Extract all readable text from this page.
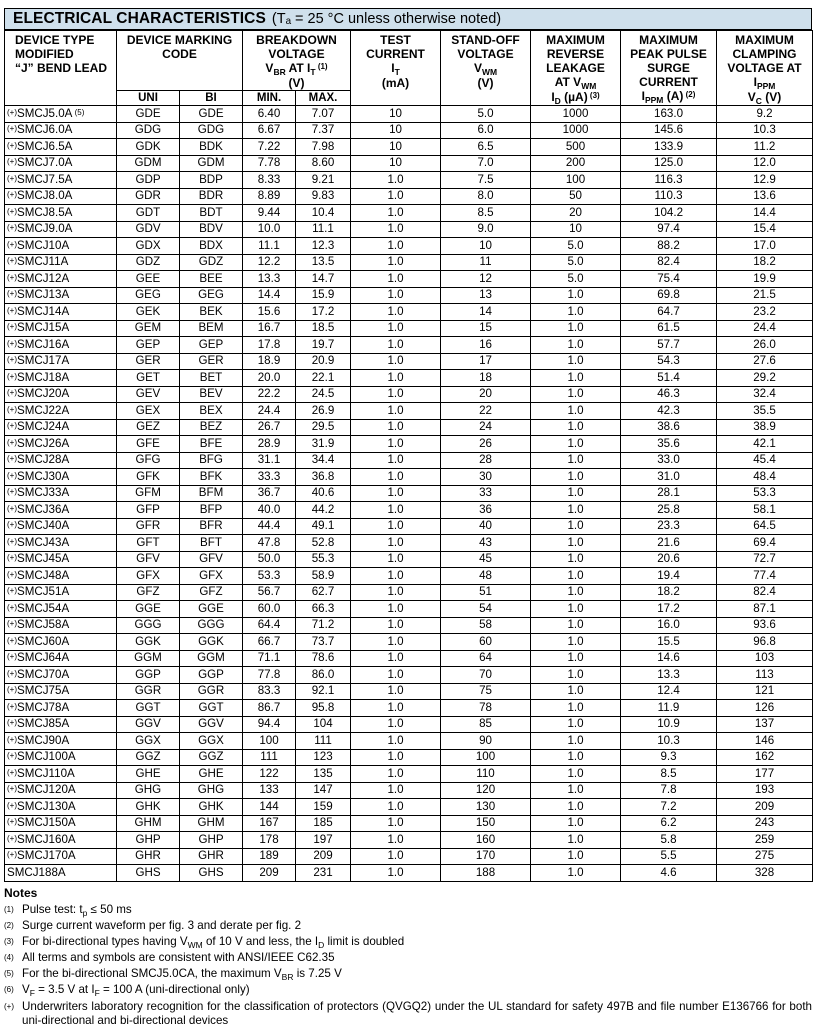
ELECTRICAL CHARACTERISTICS (Tₐ = 25 °C unless otherwise noted)
DEVICE TYPE
MODIFIED
“J” BEND LEAD	DEVICE MARKING
CODE		BREAKDOWN
VOLTAGE
$V_{BR}$ AT $I_T$ $^{(1)}$
(V)		TEST
CURRENT
$I_T$
(mA)	STAND-OFF
VOLTAGE
$V_{WM}$
(V)	MAXIMUM
REVERSE
LEAKAGE
AT $V_{WM}$
$I_D$ (µA) $^{(3)}$	MAXIMUM
PEAK PULSE
SURGE
CURRENT
$I_{PPM}$ (A) $^{(2)}$	MAXIMUM
CLAMPING
VOLTAGE AT
$I_{PPM}$
$V_C$ (V)
	UNI	BI	MIN.	MAX.					
(+)SMCJ5.0A $^{(5)}$	GDE	GDE	6.40	7.07	10	5.0	1000	163.0	9.2
(+)SMCJ6.0A	GDG	GDG	6.67	7.37	10	6.0	1000	145.6	10.3
(+)SMCJ6.5A	GDK	BDK	7.22	7.98	10	6.5	500	133.9	11.2
(+)SMCJ7.0A	GDM	GDM	7.78	8.60	10	7.0	200	125.0	12.0
(+)SMCJ7.5A	GDP	BDP	8.33	9.21	1.0	7.5	100	116.3	12.9
(+)SMCJ8.0A	GDR	BDR	8.89	9.83	1.0	8.0	50	110.3	13.6
(+)SMCJ8.5A	GDT	BDT	9.44	10.4	1.0	8.5	20	104.2	14.4
(+)SMCJ9.0A	GDV	BDV	10.0	11.1	1.0	9.0	10	97.4	15.4
(+)SMCJ10A	GDX	BDX	11.1	12.3	1.0	10	5.0	88.2	17.0
(+)SMCJ11A	GDZ	GDZ	12.2	13.5	1.0	11	5.0	82.4	18.2
(+)SMCJ12A	GEE	BEE	13.3	14.7	1.0	12	5.0	75.4	19.9
(+)SMCJ13A	GEG	GEG	14.4	15.9	1.0	13	1.0	69.8	21.5
(+)SMCJ14A	GEK	BEK	15.6	17.2	1.0	14	1.0	64.7	23.2
(+)SMCJ15A	GEM	BEM	16.7	18.5	1.0	15	1.0	61.5	24.4
(+)SMCJ16A	GEP	GEP	17.8	19.7	1.0	16	1.0	57.7	26.0
(+)SMCJ17A	GER	GER	18.9	20.9	1.0	17	1.0	54.3	27.6
(+)SMCJ18A	GET	BET	20.0	22.1	1.0	18	1.0	51.4	29.2
(+)SMCJ20A	GEV	BEV	22.2	24.5	1.0	20	1.0	46.3	32.4
(+)SMCJ22A	GEX	BEX	24.4	26.9	1.0	22	1.0	42.3	35.5
(+)SMCJ24A	GEZ	BEZ	26.7	29.5	1.0	24	1.0	38.6	38.9
(+)SMCJ26A	GFE	BFE	28.9	31.9	1.0	26	1.0	35.6	42.1
(+)SMCJ28A	GFG	BFG	31.1	34.4	1.0	28	1.0	33.0	45.4
(+)SMCJ30A	GFK	BFK	33.3	36.8	1.0	30	1.0	31.0	48.4
(+)SMCJ33A	GFM	BFM	36.7	40.6	1.0	33	1.0	28.1	53.3
(+)SMCJ36A	GFP	BFP	40.0	44.2	1.0	36	1.0	25.8	58.1
(+)SMCJ40A	GFR	BFR	44.4	49.1	1.0	40	1.0	23.3	64.5
(+)SMCJ43A	GFT	BFT	47.8	52.8	1.0	43	1.0	21.6	69.4
(+)SMCJ45A	GFV	GFV	50.0	55.3	1.0	45	1.0	20.6	72.7
(+)SMCJ48A	GFX	GFX	53.3	58.9	1.0	48	1.0	19.4	77.4
(+)SMCJ51A	GFZ	GFZ	56.7	62.7	1.0	51	1.0	18.2	82.4
(+)SMCJ54A	GGE	GGE	60.0	66.3	1.0	54	1.0	17.2	87.1
(+)SMCJ58A	GGG	GGG	64.4	71.2	1.0	58	1.0	16.0	93.6
(+)SMCJ60A	GGK	GGK	66.7	73.7	1.0	60	1.0	15.5	96.8
(+)SMCJ64A	GGM	GGM	71.1	78.6	1.0	64	1.0	14.6	103
(+)SMCJ70A	GGP	GGP	77.8	86.0	1.0	70	1.0	13.3	113
(+)SMCJ75A	GGR	GGR	83.3	92.1	1.0	75	1.0	12.4	121
(+)SMCJ78A	GGT	GGT	86.7	95.8	1.0	78	1.0	11.9	126
(+)SMCJ85A	GGV	GGV	94.4	104	1.0	85	1.0	10.9	137
(+)SMCJ90A	GGX	GGX	100	111	1.0	90	1.0	10.3	146
(+)SMCJ100A	GGZ	GGZ	111	123	1.0	100	1.0	9.3	162
(+)SMCJ110A	GHE	GHE	122	135	1.0	110	1.0	8.5	177
(+)SMCJ120A	GHG	GHG	133	147	1.0	120	1.0	7.8	193
(+)SMCJ130A	GHK	GHK	144	159	1.0	130	1.0	7.2	209
(+)SMCJ150A	GHM	GHM	167	185	1.0	150	1.0	6.2	243
(+)SMCJ160A	GHP	GHP	178	197	1.0	160	1.0	5.8	259
(+)SMCJ170A	GHR	GHR	189	209	1.0	170	1.0	5.5	275
SMCJ188A	GHS	GHS	209	231	1.0	188	1.0	4.6	328
Notes
(1) Pulse test: $t_p \le 50$ ms
(2) Surge current waveform per fig. 3 and derate per fig. 2
(3) For bi-directional types having $V_{WM}$ of 10 V and less, the $I_D$ limit is doubled
(4) All terms and symbols are consistent with ANSI/IEEE C62.35
(5) For the bi-directional SMCJ5.0CA, the maximum $V_{BR}$ is 7.25 V
(6) $V_F = 3.5$ V at $I_F = 100$ A (uni-directional only)
(+) Underwriters laboratory recognition for the classification of protectors (QVGQ2) under the UL standard for safety 497B and file number E136766 for both uni-directional and bi-directional devices
